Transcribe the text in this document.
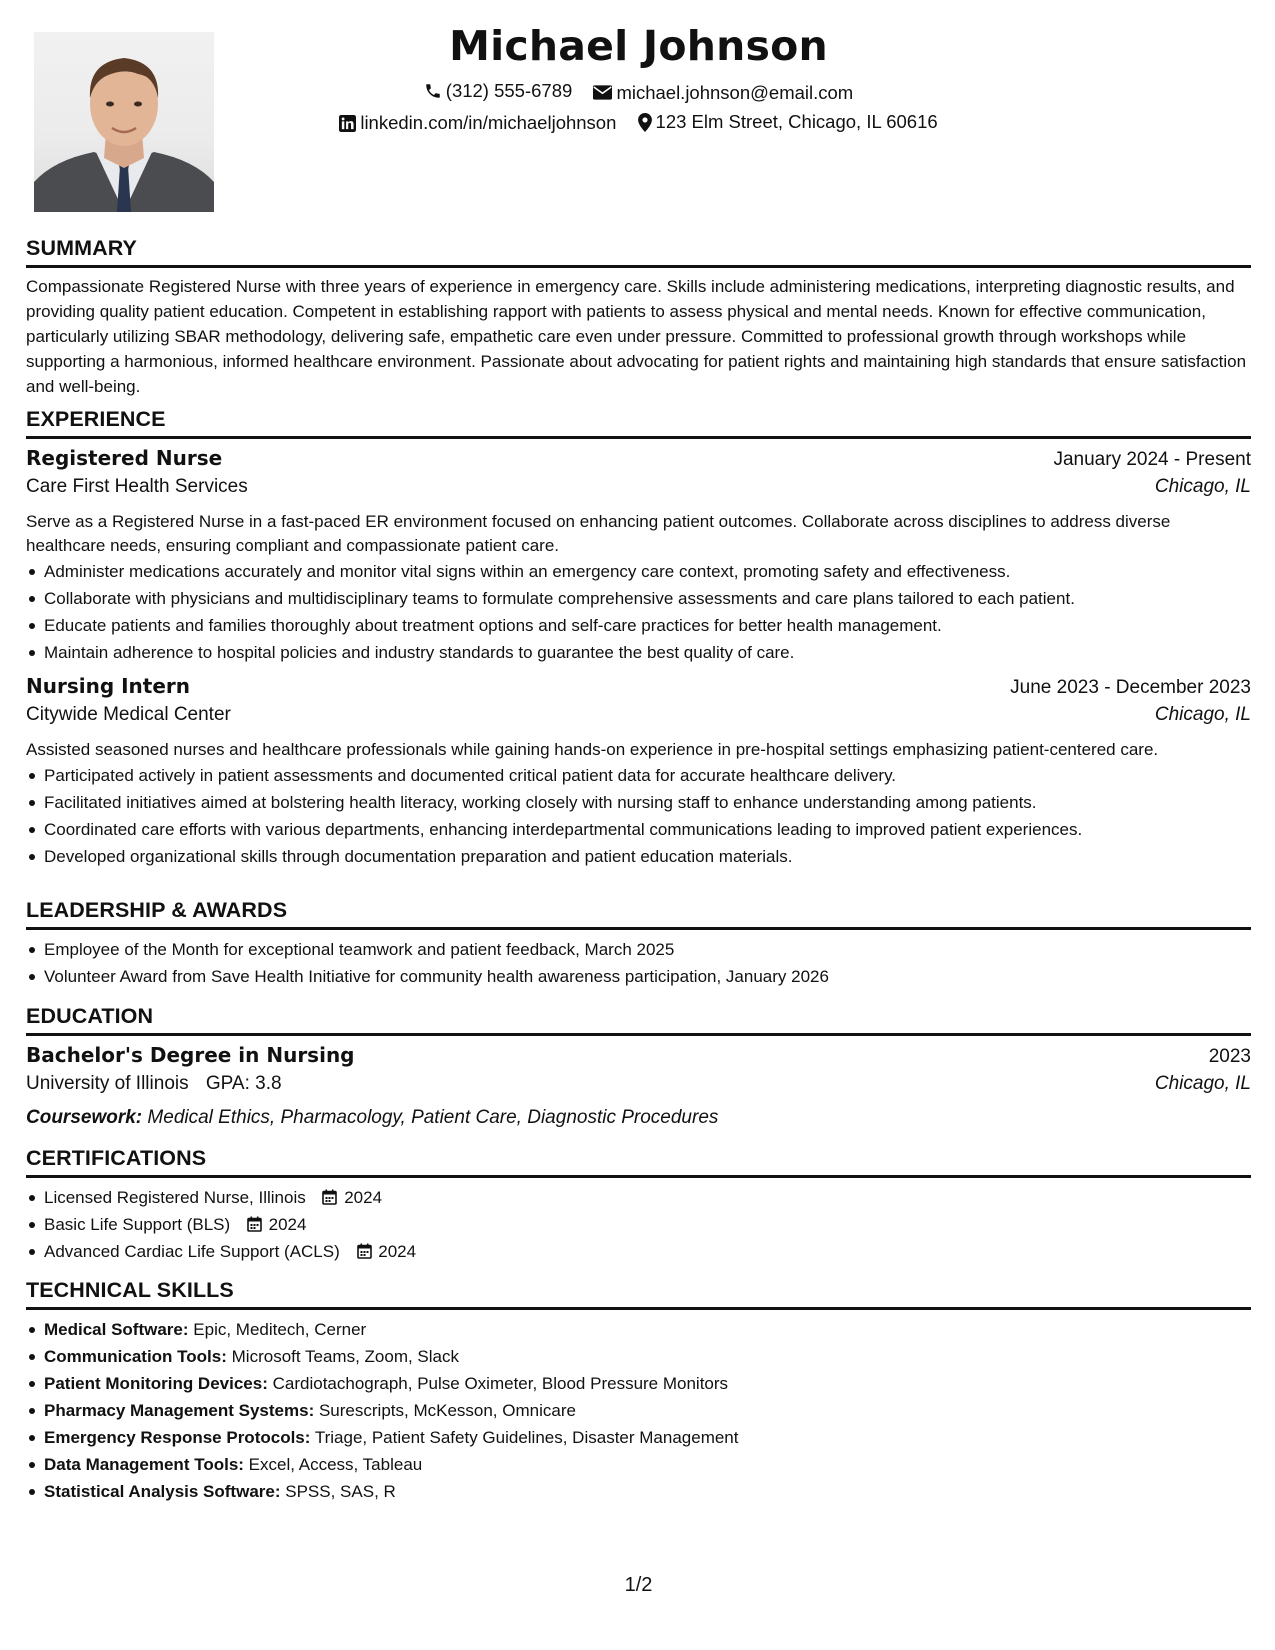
Michael Johnson
(312) 555-6789
michael.johnson@email.com
linkedin.com/in/michaeljohnson
123 Elm Street, Chicago, IL 60616
SUMMARY
Compassionate Registered Nurse with three years of experience in emergency care. Skills include administering medications, interpreting diagnostic results, and providing quality patient education. Competent in establishing rapport with patients to assess physical and mental needs. Known for effective communication, particularly utilizing SBAR methodology, delivering safe, empathetic care even under pressure. Committed to professional growth through workshops while supporting a harmonious, informed healthcare environment. Passionate about advocating for patient rights and maintaining high standards that ensure satisfaction and well-being.
EXPERIENCE
Registered Nurse	January 2024 - Present
Care First Health Services	Chicago, IL
Serve as a Registered Nurse in a fast-paced ER environment focused on enhancing patient outcomes. Collaborate across disciplines to address diverse healthcare needs, ensuring compliant and compassionate patient care.
Administer medications accurately and monitor vital signs within an emergency care context, promoting safety and effectiveness.
Collaborate with physicians and multidisciplinary teams to formulate comprehensive assessments and care plans tailored to each patient.
Educate patients and families thoroughly about treatment options and self-care practices for better health management.
Maintain adherence to hospital policies and industry standards to guarantee the best quality of care.
Nursing Intern	June 2023 - December 2023
Citywide Medical Center	Chicago, IL
Assisted seasoned nurses and healthcare professionals while gaining hands-on experience in pre-hospital settings emphasizing patient-centered care.
Participated actively in patient assessments and documented critical patient data for accurate healthcare delivery.
Facilitated initiatives aimed at bolstering health literacy, working closely with nursing staff to enhance understanding among patients.
Coordinated care efforts with various departments, enhancing interdepartmental communications leading to improved patient experiences.
Developed organizational skills through documentation preparation and patient education materials.
LEADERSHIP & AWARDS
Employee of the Month for exceptional teamwork and patient feedback, March 2025
Volunteer Award from Save Health Initiative for community health awareness participation, January 2026
EDUCATION
Bachelor's Degree in Nursing	2023
University of Illinois GPA: 3.8	Chicago, IL
Coursework: Medical Ethics, Pharmacology, Patient Care, Diagnostic Procedures
CERTIFICATIONS
Licensed Registered Nurse, Illinois 2024
Basic Life Support (BLS) 2024
Advanced Cardiac Life Support (ACLS) 2024
TECHNICAL SKILLS
Medical Software: Epic, Meditech, Cerner
Communication Tools: Microsoft Teams, Zoom, Slack
Patient Monitoring Devices: Cardiotachograph, Pulse Oximeter, Blood Pressure Monitors
Pharmacy Management Systems: Surescripts, McKesson, Omnicare
Emergency Response Protocols: Triage, Patient Safety Guidelines, Disaster Management
Data Management Tools: Excel, Access, Tableau
Statistical Analysis Software: SPSS, SAS, R
1/2
